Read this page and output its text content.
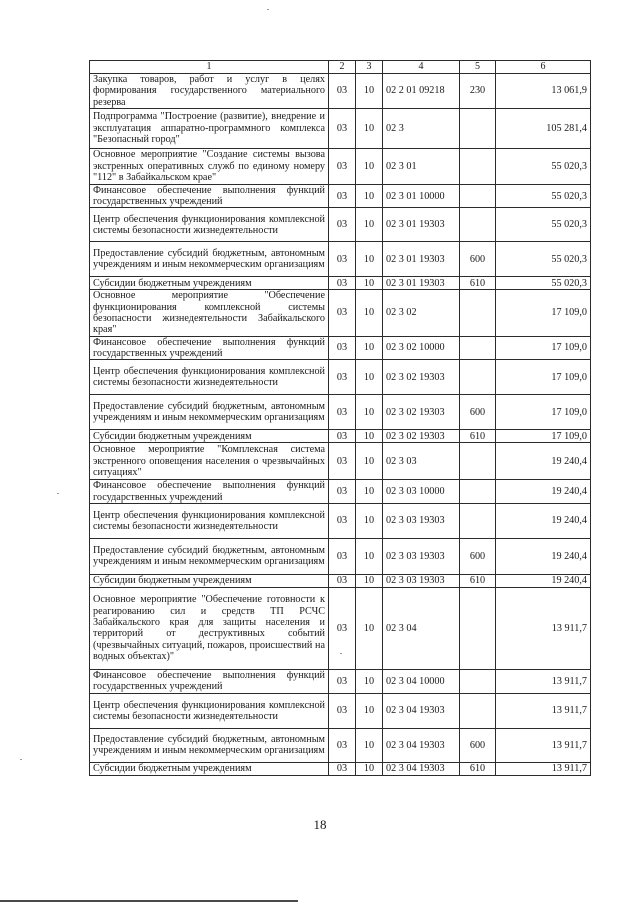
1	2	3	4	5	6
Закупка товаров, работ и услуг в целях формирования государственного материального резерва	03	10	02 2 01 09218	230	13 061,9
Подпрограмма "Построение (развитие), внедрение и эксплуатация аппаратно-программного комплекса "Безопасный город"	03	10	02 3		105 281,4
Основное мероприятие "Создание системы вызова экстренных оперативных служб по единому номеру "112" в Забайкальском крае"	03	10	02 3 01		55 020,3
Финансовое обеспечение выполнения функций государственных учреждений	03	10	02 3 01 10000		55 020,3
Центр обеспечения функционирования комплексной системы безопасности жизнедеятельности	03	10	02 3 01 19303		55 020,3
Предоставление субсидий бюджетным, автономным учреждениям и иным некоммерческим организациям	03	10	02 3 01 19303	600	55 020,3
Субсидии бюджетным учреждениям	03	10	02 3 01 19303	610	55 020,3
Основное мероприятие "Обеспечение функционирования комплексной системы безопасности жизнедеятельности Забайкальского края"	03	10	02 3 02		17 109,0
Финансовое обеспечение выполнения функций государственных учреждений	03	10	02 3 02 10000		17 109,0
Центр обеспечения функционирования комплексной системы безопасности жизнедеятельности	03	10	02 3 02 19303		17 109,0
Предоставление субсидий бюджетным, автономным учреждениям и иным некоммерческим организациям	03	10	02 3 02 19303	600	17 109,0
Субсидии бюджетным учреждениям	03	10	02 3 02 19303	610	17 109,0
Основное мероприятие "Комплексная система экстренного оповещения населения о чрезвычайных ситуациях"	03	10	02 3 03		19 240,4
Финансовое обеспечение выполнения функций государственных учреждений	03	10	02 3 03 10000		19 240,4
Центр обеспечения функционирования комплексной системы безопасности жизнедеятельности	03	10	02 3 03 19303		19 240,4
Предоставление субсидий бюджетным, автономным учреждениям и иным некоммерческим организациям	03	10	02 3 03 19303	600	19 240,4
Субсидии бюджетным учреждениям	03	10	02 3 03 19303	610	19 240,4
Основное мероприятие "Обеспечение готовности к реагированию сил и средств ТП РСЧС Забайкальского края для защиты населения и территорий от деструктивных событий (чрезвычайных ситуаций, пожаров, происшествий на водных объектах)"	03	10	02 3 04		13 911,7
Финансовое обеспечение выполнения функций государственных учреждений	03	10	02 3 04 10000		13 911,7
Центр обеспечения функционирования комплексной системы безопасности жизнедеятельности	03	10	02 3 04 19303		13 911,7
Предоставление субсидий бюджетным, автономным учреждениям и иным некоммерческим организациям	03	10	02 3 04 19303	600	13 911,7
Субсидии бюджетным учреждениям	03	10	02 3 04 19303	610	13 911,7
18
